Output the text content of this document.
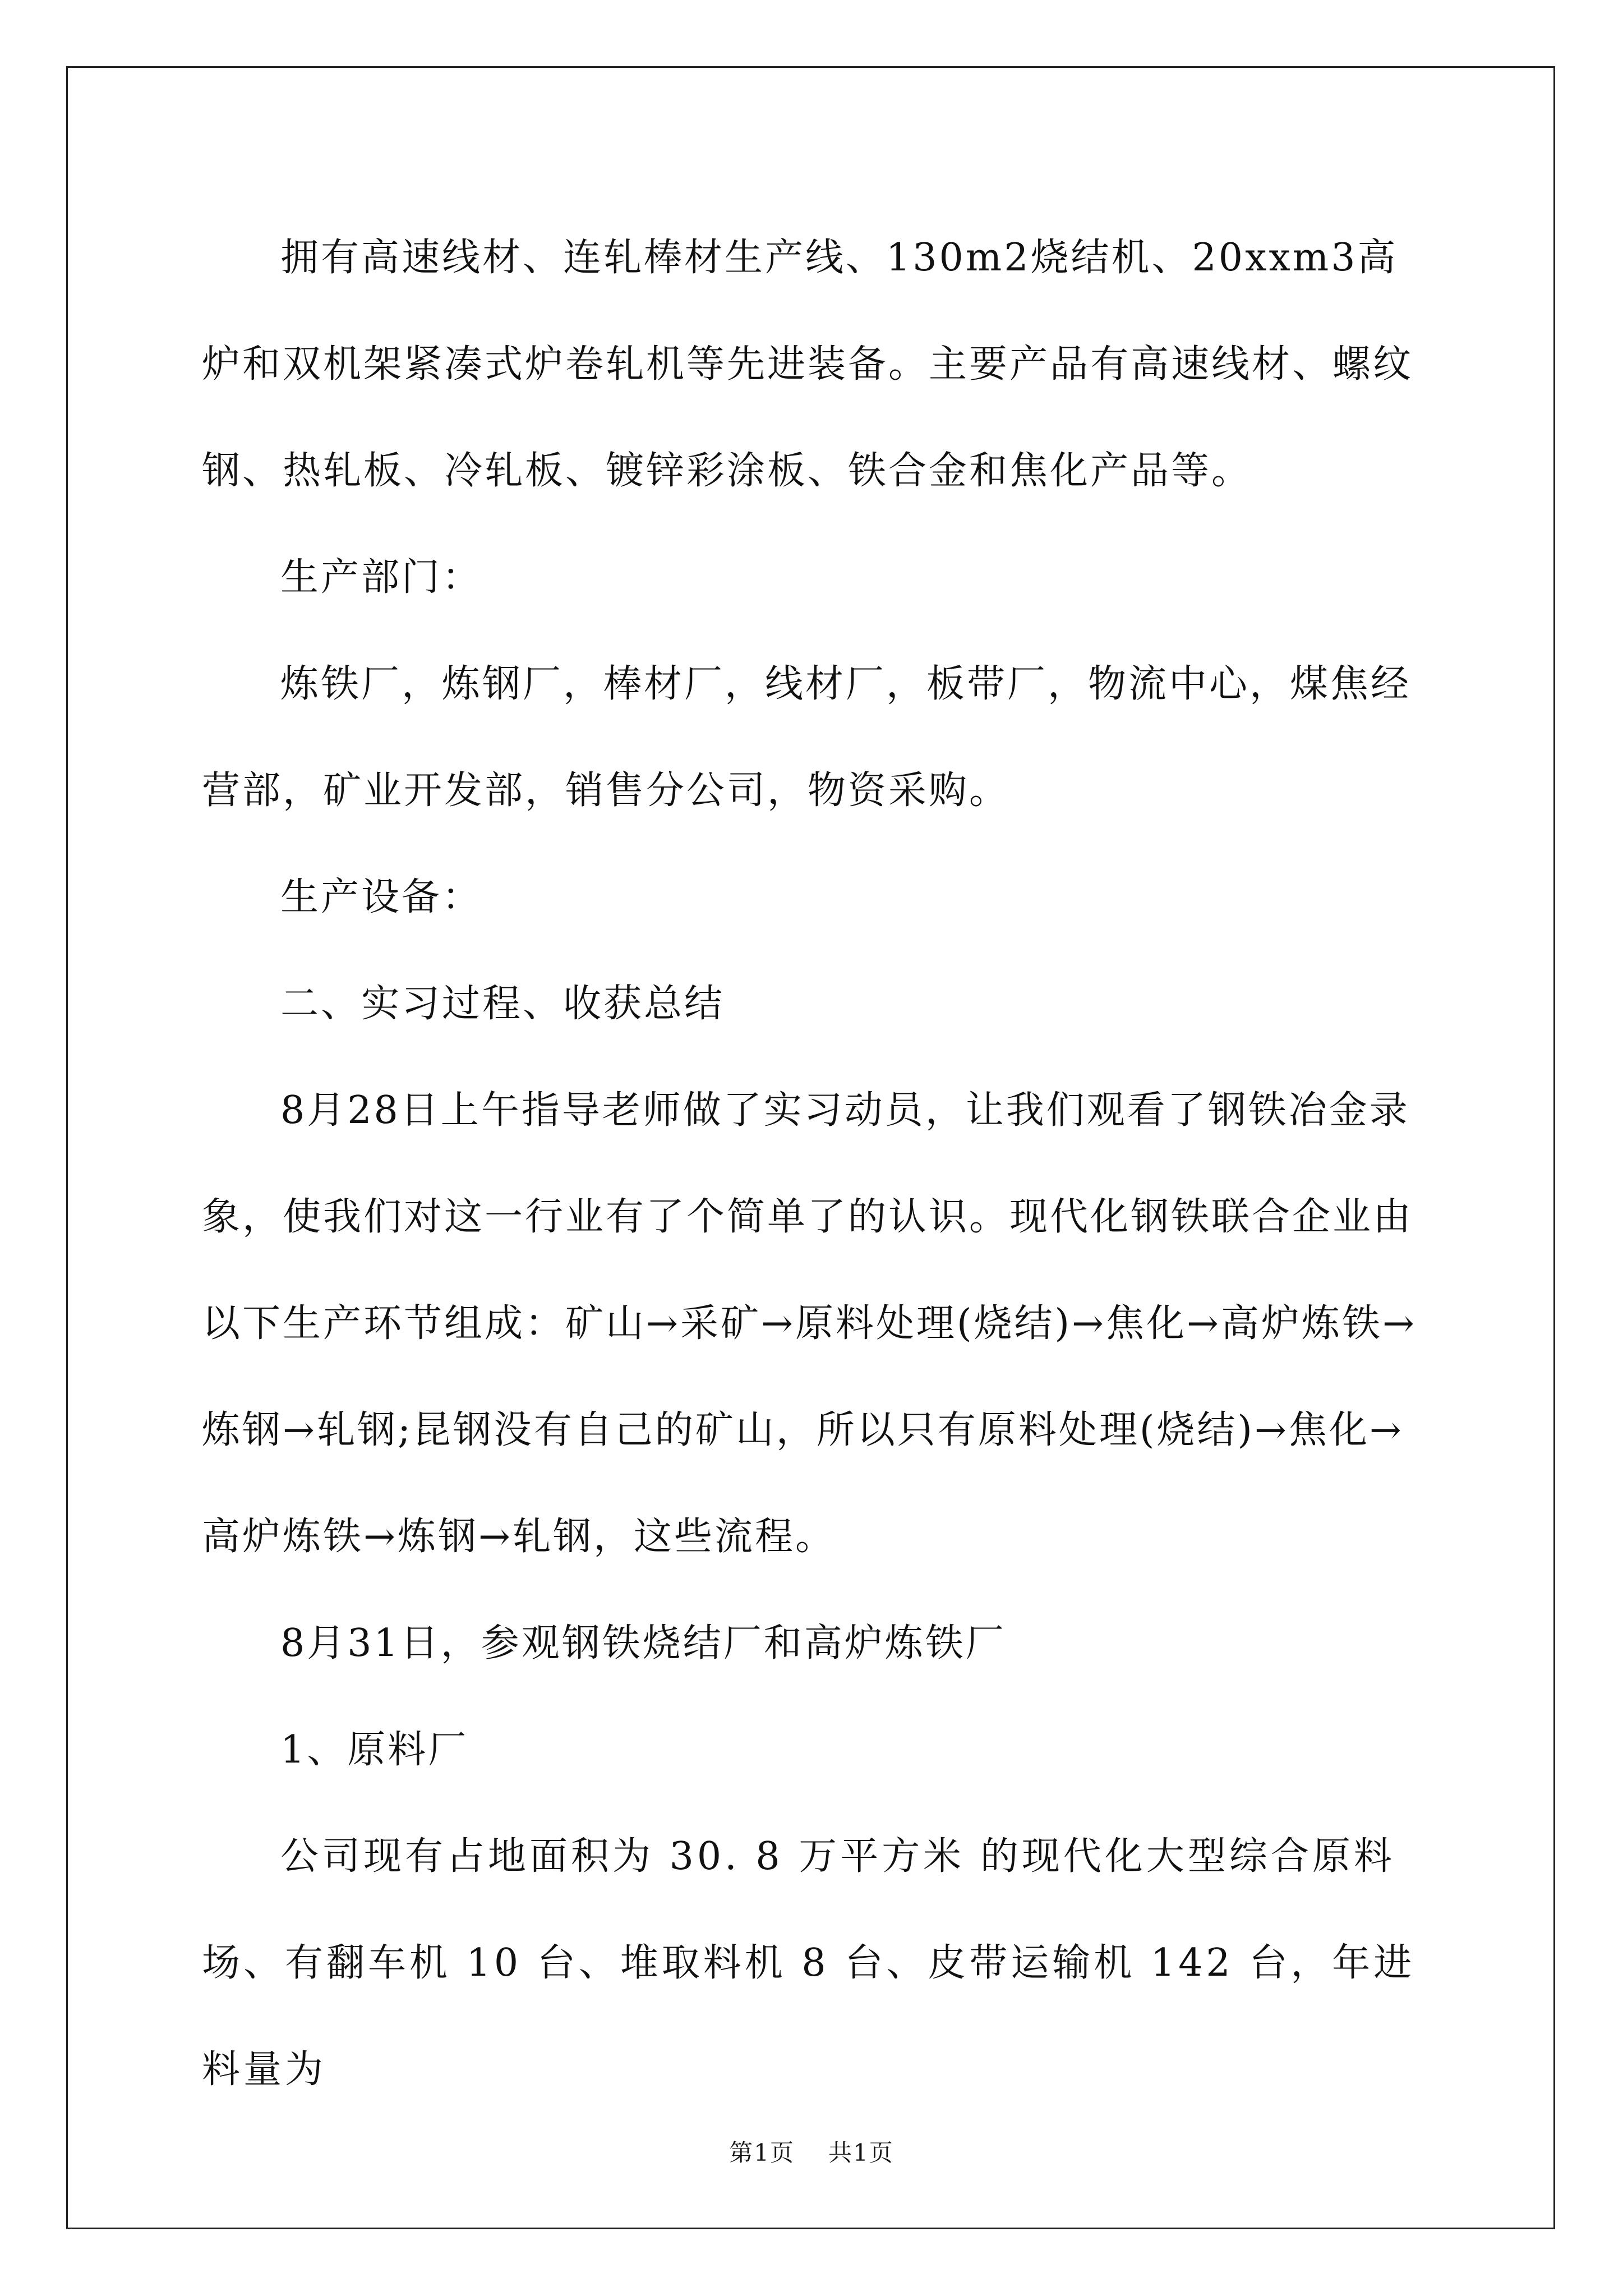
拥有高速线材、连轧棒材生产线、130m2烧结机、20xxm3高炉和双机架紧凑式炉卷轧机等先进装备。主要产品有高速线材、螺纹钢、热轧板、冷轧板、镀锌彩涂板、铁合金和焦化产品等。

生产部门：

炼铁厂，炼钢厂，棒材厂，线材厂，板带厂，物流中心，煤焦经营部，矿业开发部，销售分公司，物资采购。

生产设备：

二、实习过程、收获总结

8月28日上午指导老师做了实习动员，让我们观看了钢铁冶金录象，使我们对这一行业有了个简单了的认识。现代化钢铁联合企业由以下生产环节组成：矿山→采矿→原料处理(烧结)→焦化→高炉炼铁→炼钢→轧钢;昆钢没有自己的矿山，所以只有原料处理(烧结)→焦化→高炉炼铁→炼钢→轧钢，这些流程。

8月31日，参观钢铁烧结厂和高炉炼铁厂

1、原料厂

公司现有占地面积为 30. 8 万平方米 的现代化大型综合原料场、有翻车机 10 台、堆取料机 8 台、皮带运输机 142 台，年进料量为

第1页 共1页
